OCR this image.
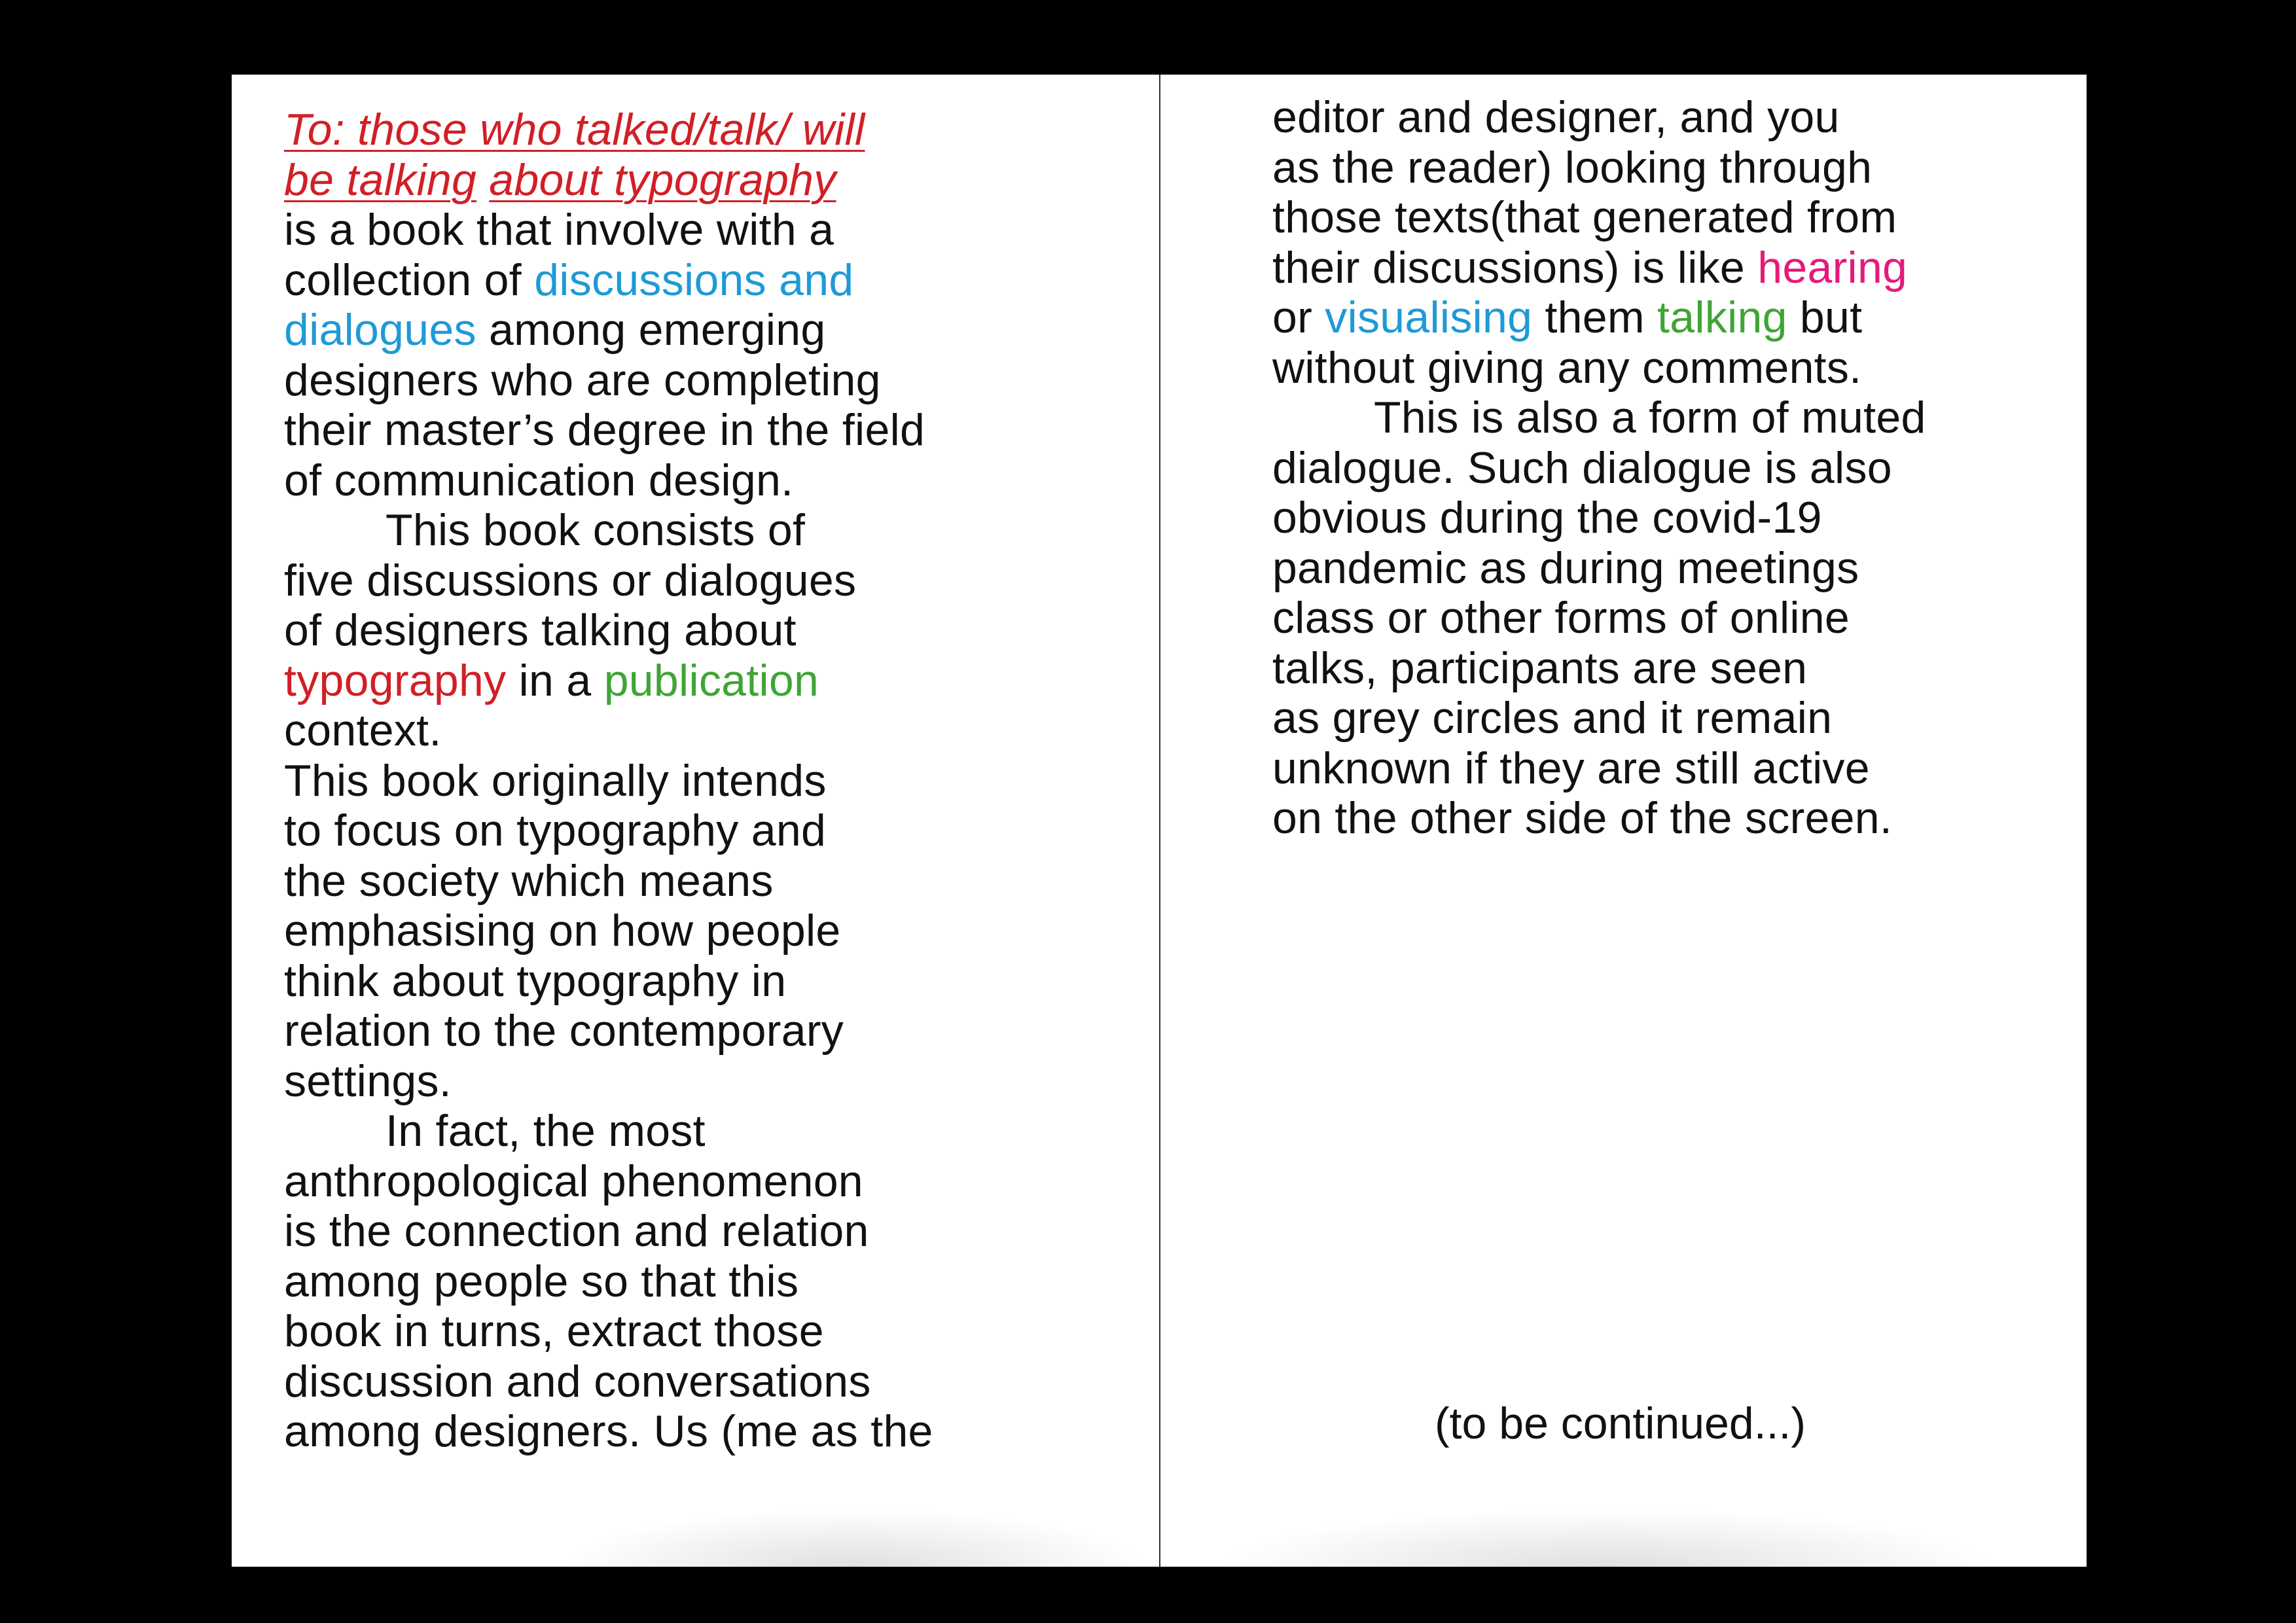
To: those who talked/talk/ will
be talking about typography
is a book that involve with a
collection of discussions and
dialogues among emerging
designers who are completing
their master’s degree in the field
of communication design.
This book consists of
five discussions or dialogues
of designers talking about
typography in a publication
context.
This book originally intends
to focus on typography and
the society which means
emphasising on how people
think about typography in
relation to the contemporary
settings.
In fact, the most
anthropological phenomenon
is the connection and relation
among people so that this
book in turns, extract those
discussion and conversations
among designers. Us (me as the
editor and designer, and you
as the reader) looking through
those texts(that generated from
their discussions) is like hearing
or visualising them talking but
without giving any comments.
This is also a form of muted
dialogue. Such dialogue is also
obvious during the covid-19
pandemic as during meetings
class or other forms of online
talks, participants are seen
as grey circles and it remain
unknown if they are still active
on the other side of the screen.
(to be continued...)
